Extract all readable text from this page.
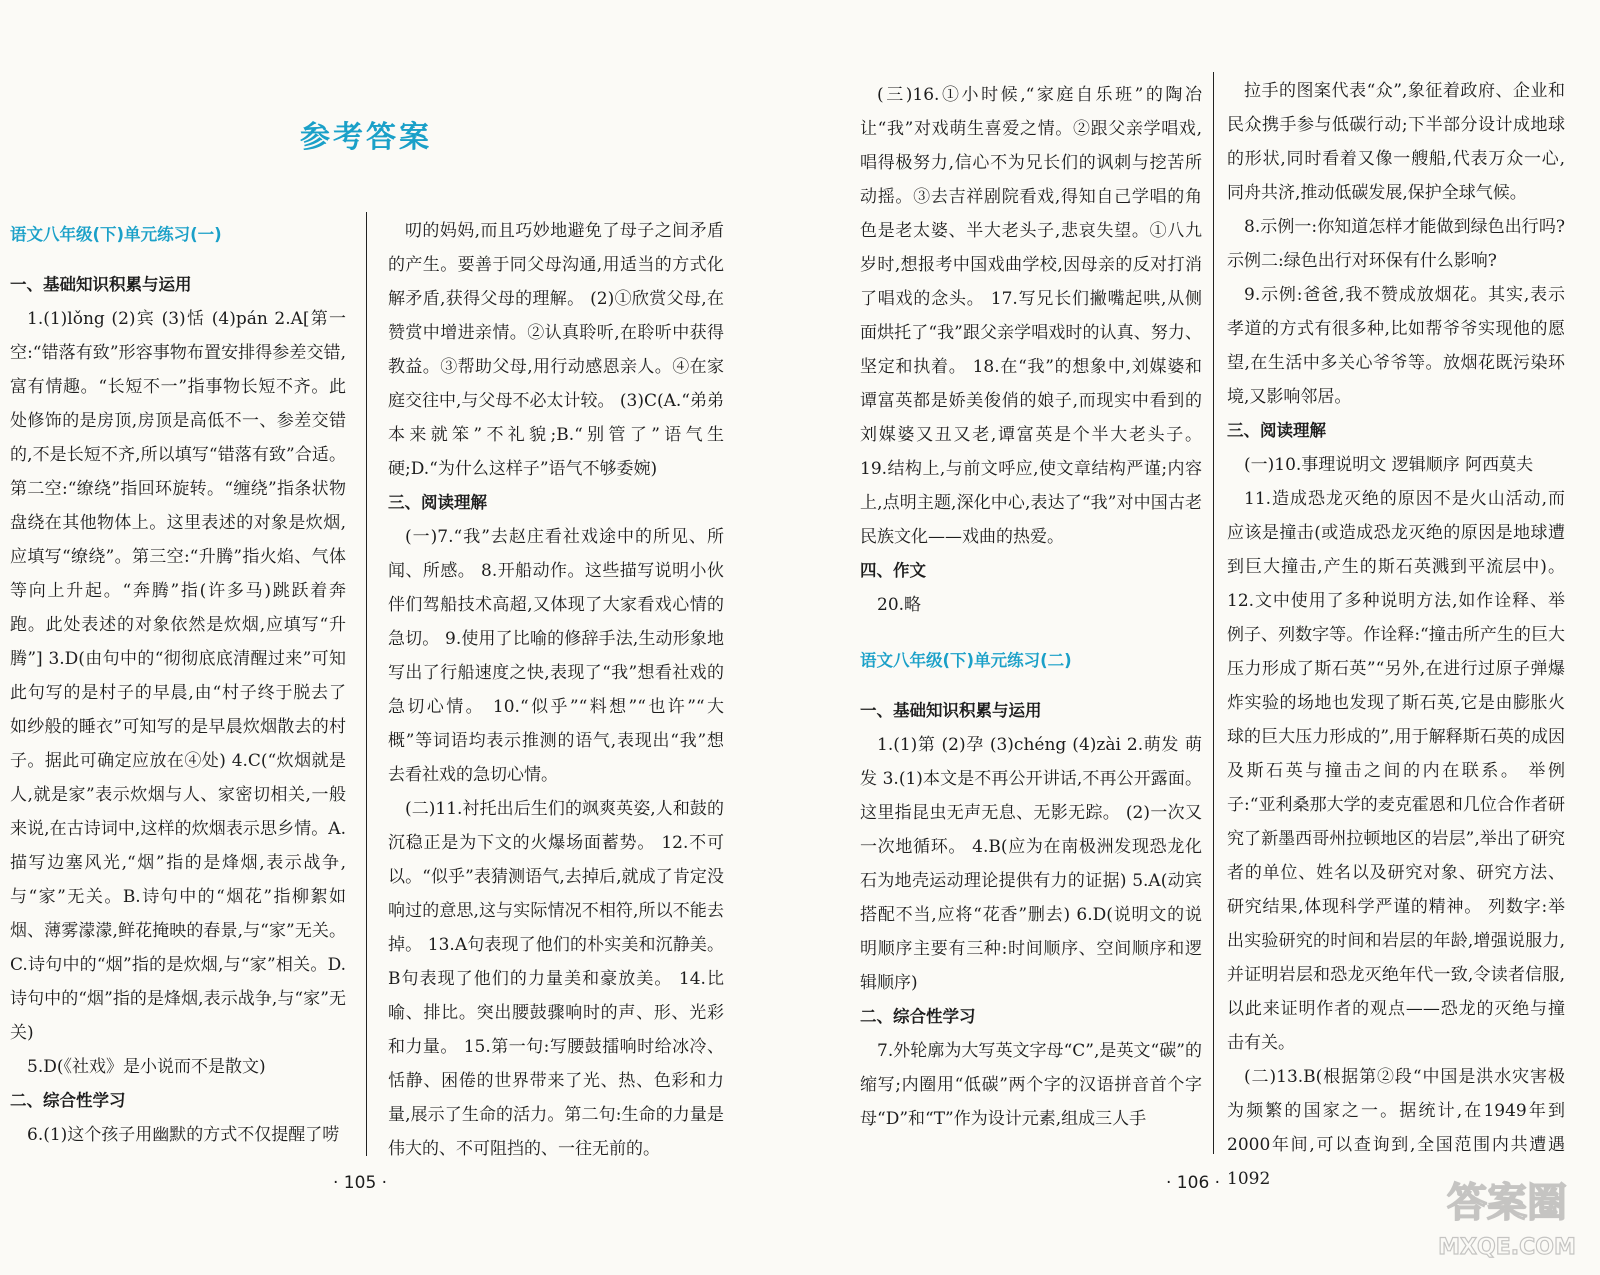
参考答案

语文八年级(下)单元练习(一)

一、基础知识积累与运用

1.(1)lǒng (2)宾 (3)恬 (4)pán 2.A[第一空:“错落有致”形容事物布置安排得参差交错,富有情趣。“长短不一”指事物长短不齐。此处修饰的是房顶,房顶是高低不一、参差交错的,不是长短不齐,所以填写“错落有致”合适。第二空:“缭绕”指回环旋转。“缠绕”指条状物盘绕在其他物体上。这里表述的对象是炊烟,应填写“缭绕”。第三空:“升腾”指火焰、气体等向上升起。“奔腾”指(许多马)跳跃着奔跑。此处表述的对象依然是炊烟,应填写“升腾”] 3.D(由句中的“彻彻底底清醒过来”可知此句写的是村子的早晨,由“村子终于脱去了如纱般的睡衣”可知写的是早晨炊烟散去的村子。据此可确定应放在④处) 4.C(“炊烟就是人,就是家”表示炊烟与人、家密切相关,一般来说,在古诗词中,这样的炊烟表示思乡情。A.描写边塞风光,“烟”指的是烽烟,表示战争,与“家”无关。B.诗句中的“烟花”指柳絮如烟、薄雾濛濛,鲜花掩映的春景,与“家”无关。C.诗句中的“烟”指的是炊烟,与“家”相关。D.诗句中的“烟”指的是烽烟,表示战争,与“家”无关)

5.D(《社戏》是小说而不是散文)

二、综合性学习

6.(1)这个孩子用幽默的方式不仅提醒了唠

叨的妈妈,而且巧妙地避免了母子之间矛盾的产生。要善于同父母沟通,用适当的方式化解矛盾,获得父母的理解。 (2)①欣赏父母,在赞赏中增进亲情。②认真聆听,在聆听中获得教益。③帮助父母,用行动感恩亲人。④在家庭交往中,与父母不必太计较。 (3)C(A.“弟弟本来就笨”不礼貌;B.“别管了”语气生硬;D.“为什么这样子”语气不够委婉)

三、阅读理解

(一)7.“我”去赵庄看社戏途中的所见、所闻、所感。 8.开船动作。这些描写说明小伙伴们驾船技术高超,又体现了大家看戏心情的急切。 9.使用了比喻的修辞手法,生动形象地写出了行船速度之快,表现了“我”想看社戏的急切心情。 10.“似乎”“料想”“也许”“大概”等词语均表示推测的语气,表现出“我”想去看社戏的急切心情。

(二)11.衬托出后生们的飒爽英姿,人和鼓的沉稳正是为下文的火爆场面蓄势。 12.不可以。“似乎”表猜测语气,去掉后,就成了肯定没响过的意思,这与实际情况不相符,所以不能去掉。 13.A句表现了他们的朴实美和沉静美。B句表现了他们的力量美和豪放美。 14.比喻、排比。突出腰鼓骤响时的声、形、光彩和力量。 15.第一句:写腰鼓擂响时给冰冷、恬静、困倦的世界带来了光、热、色彩和力量,展示了生命的活力。第二句:生命的力量是伟大的、不可阻挡的、一往无前的。

· 105 ·

(三)16.①小时候,“家庭自乐班”的陶冶让“我”对戏萌生喜爱之情。②跟父亲学唱戏,唱得极努力,信心不为兄长们的讽刺与挖苦所动摇。③去吉祥剧院看戏,得知自己学唱的角色是老太婆、半大老头子,悲哀失望。①八九岁时,想报考中国戏曲学校,因母亲的反对打消了唱戏的念头。 17.写兄长们撇嘴起哄,从侧面烘托了“我”跟父亲学唱戏时的认真、努力、坚定和执着。 18.在“我”的想象中,刘媒婆和谭富英都是娇美俊俏的娘子,而现实中看到的刘媒婆又丑又老,谭富英是个半大老头子。 19.结构上,与前文呼应,使文章结构严谨;内容上,点明主题,深化中心,表达了“我”对中国古老民族文化——戏曲的热爱。

四、作文

20.略

语文八年级(下)单元练习(二)

一、基础知识积累与运用

1.(1)第 (2)孕 (3)chéng (4)zài 2.萌发 萌发 3.(1)本文是不再公开讲话,不再公开露面。这里指昆虫无声无息、无影无踪。 (2)一次又一次地循环。 4.B(应为在南极洲发现恐龙化石为地壳运动理论提供有力的证据) 5.A(动宾搭配不当,应将“花香”删去) 6.D(说明文的说明顺序主要有三种:时间顺序、空间顺序和逻辑顺序)

二、综合性学习

7.外轮廓为大写英文字母“C”,是英文“碳”的缩写;内圈用“低碳”两个字的汉语拼音首个字母“D”和“T”作为设计元素,组成三人手

拉手的图案代表“众”,象征着政府、企业和民众携手参与低碳行动;下半部分设计成地球的形状,同时看着又像一艘船,代表万众一心,同舟共济,推动低碳发展,保护全球气候。

8.示例一:你知道怎样才能做到绿色出行吗? 示例二:绿色出行对环保有什么影响?

9.示例:爸爸,我不赞成放烟花。其实,表示孝道的方式有很多种,比如帮爷爷实现他的愿望,在生活中多关心爷爷等。放烟花既污染环境,又影响邻居。

三、阅读理解

(一)10.事理说明文 逻辑顺序 阿西莫夫

11.造成恐龙灭绝的原因不是火山活动,而应该是撞击(或造成恐龙灭绝的原因是地球遭到巨大撞击,产生的斯石英溅到平流层中)。 12.文中使用了多种说明方法,如作诠释、举例子、列数字等。作诠释:“撞击所产生的巨大压力形成了斯石英”“另外,在进行过原子弹爆炸实验的场地也发现了斯石英,它是由膨胀火球的巨大压力形成的”,用于解释斯石英的成因及斯石英与撞击之间的内在联系。 举例子:“亚利桑那大学的麦克霍恩和几位合作者研究了新墨西哥州拉顿地区的岩层”,举出了研究者的单位、姓名以及研究对象、研究方法、研究结果,体现科学严谨的精神。 列数字:举出实验研究的时间和岩层的年龄,增强说服力,并证明岩层和恐龙灭绝年代一致,令读者信服,以此来证明作者的观点——恐龙的灭绝与撞击有关。

(二)13.B(根据第②段“中国是洪水灾害极为频繁的国家之一。据统计,在1949年到2000年间,可以查询到,全国范围内共遭遇1092

· 106 ·	答案圈
MXQE.COM
